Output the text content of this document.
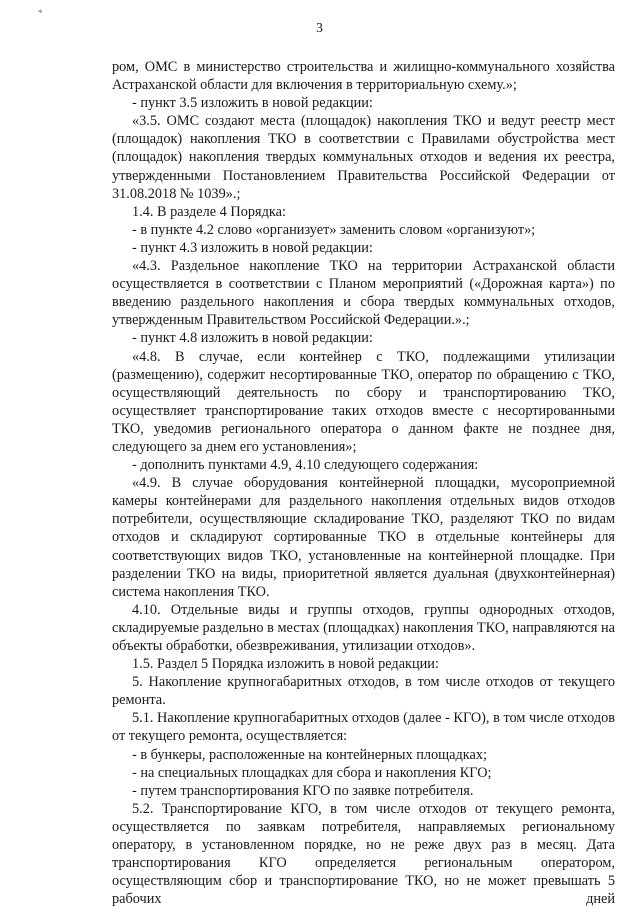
*
3

ром, ОМС в министерство строительства и жилищно-коммунального хозяйства Астраханской области для включения в территориальную схему.»;

- пункт 3.5 изложить в новой редакции:

«3.5. ОМС создают места (площадок) накопления ТКО и ведут реестр мест (площадок) накопления ТКО в соответствии с Правилами обустройства мест (площадок) накопления твердых коммунальных отходов и ведения их реестра, утвержденными Постановлением Правительства Российской Федерации от 31.08.2018 № 1039».;

1.4. В разделе 4 Порядка:

- в пункте 4.2 слово «организует» заменить словом «организуют»;

- пункт 4.3 изложить в новой редакции:

«4.3. Раздельное накопление ТКО на территории Астраханской области осуществляется в соответствии с Планом мероприятий («Дорожная карта») по введению раздельного накопления и сбора твердых коммунальных отходов, утвержденным Правительством Российской Федерации.».;

- пункт 4.8 изложить в новой редакции:

«4.8. В случае, если контейнер с ТКО, подлежащими утилизации (размещению), содержит несортированные ТКО, оператор по обращению с ТКО, осуществляющий деятельность по сбору и транспортированию ТКО, осуществляет транспортирование таких отходов вместе с несортированными ТКО, уведомив регионального оператора о данном факте не позднее дня, следующего за днем его установления»;

- дополнить пунктами 4.9, 4.10 следующего содержания:

«4.9. В случае оборудования контейнерной площадки, мусороприемной камеры контейнерами для раздельного накопления отдельных видов отходов потребители, осуществляющие складирование ТКО, разделяют ТКО по видам отходов и складируют сортированные ТКО в отдельные контейнеры для соответствующих видов ТКО, установленные на контейнерной площадке. При разделении ТКО на виды, приоритетной является дуальная (двухконтейнерная) система накопления ТКО.

4.10. Отдельные виды и группы отходов, группы однородных отходов, складируемые раздельно в местах (площадках) накопления ТКО, направляются на объекты обработки, обезвреживания, утилизации отходов».

1.5. Раздел 5 Порядка изложить в новой редакции:

5. Накопление крупногабаритных отходов, в том числе отходов от текущего ремонта.

5.1. Накопление крупногабаритных отходов (далее - КГО), в том числе отходов от текущего ремонта, осуществляется:

- в бункеры, расположенные на контейнерных площадках;

- на специальных площадках для сбора и накопления КГО;

- путем транспортирования КГО по заявке потребителя.

5.2. Транспортирование КГО, в том числе отходов от текущего ремонта, осуществляется по заявкам потребителя, направляемых региональному оператору, в установленном порядке, но не реже двух раз в месяц. Дата транспортирования КГО определяется региональным оператором, осуществляющим сбор и транспортирование ТКО, но не может превышать 5 рабочих дней
